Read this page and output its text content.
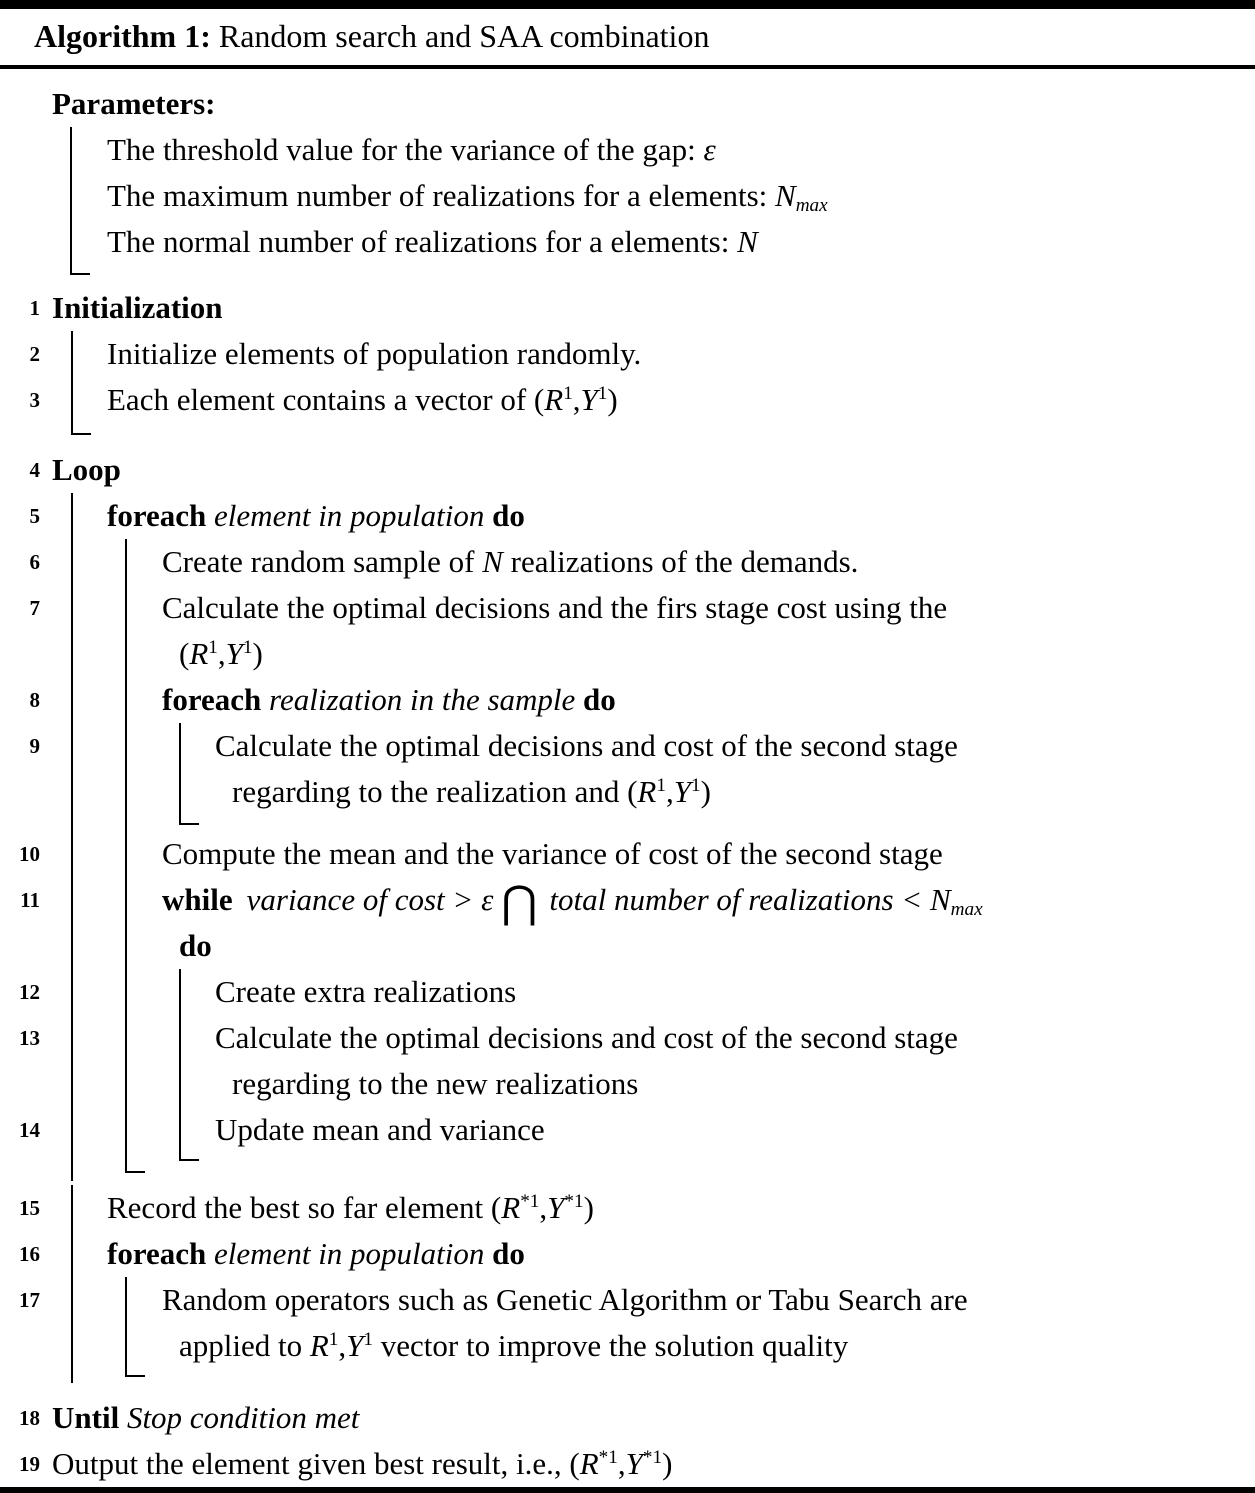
Algorithm 1: Random search and SAA combination
Parameters:
The threshold value for the variance of the gap: ε
The maximum number of realizations for a elements: $N_{max}$
The normal number of realizations for a elements: N
1 Initialization
2 Initialize elements of population randomly.
3 Each element contains a vector of $(R^1,Y^1)$
4 Loop
5 foreach element in population do
6	Create random sample of N realizations of the demands.
7	Calculate the optimal decisions and the firs stage cost using the
$(R^1,Y^1)$
8	foreach realization in the sample do
9	Calculate the optimal decisions and cost of the second stage
regarding to the realization and $(R^1,Y^1)$
10	Compute the mean and the variance of cost of the second stage
11	while variance of cost > ε ⋂ total number of realizations < $N_{max}$
do
12	Create extra realizations
13	Calculate the optimal decisions and cost of the second stage
regarding to the new realizations
14	Update mean and variance
15 Record the best so far element $(R^{*1},Y^{*1})$
16 foreach element in population do
17	Random operators such as Genetic Algorithm or Tabu Search are
applied to $R^1,Y^1$ vector to improve the solution quality
18 Until Stop condition met
19 Output the element given best result, i.e., $(R^{*1},Y^{*1})$
